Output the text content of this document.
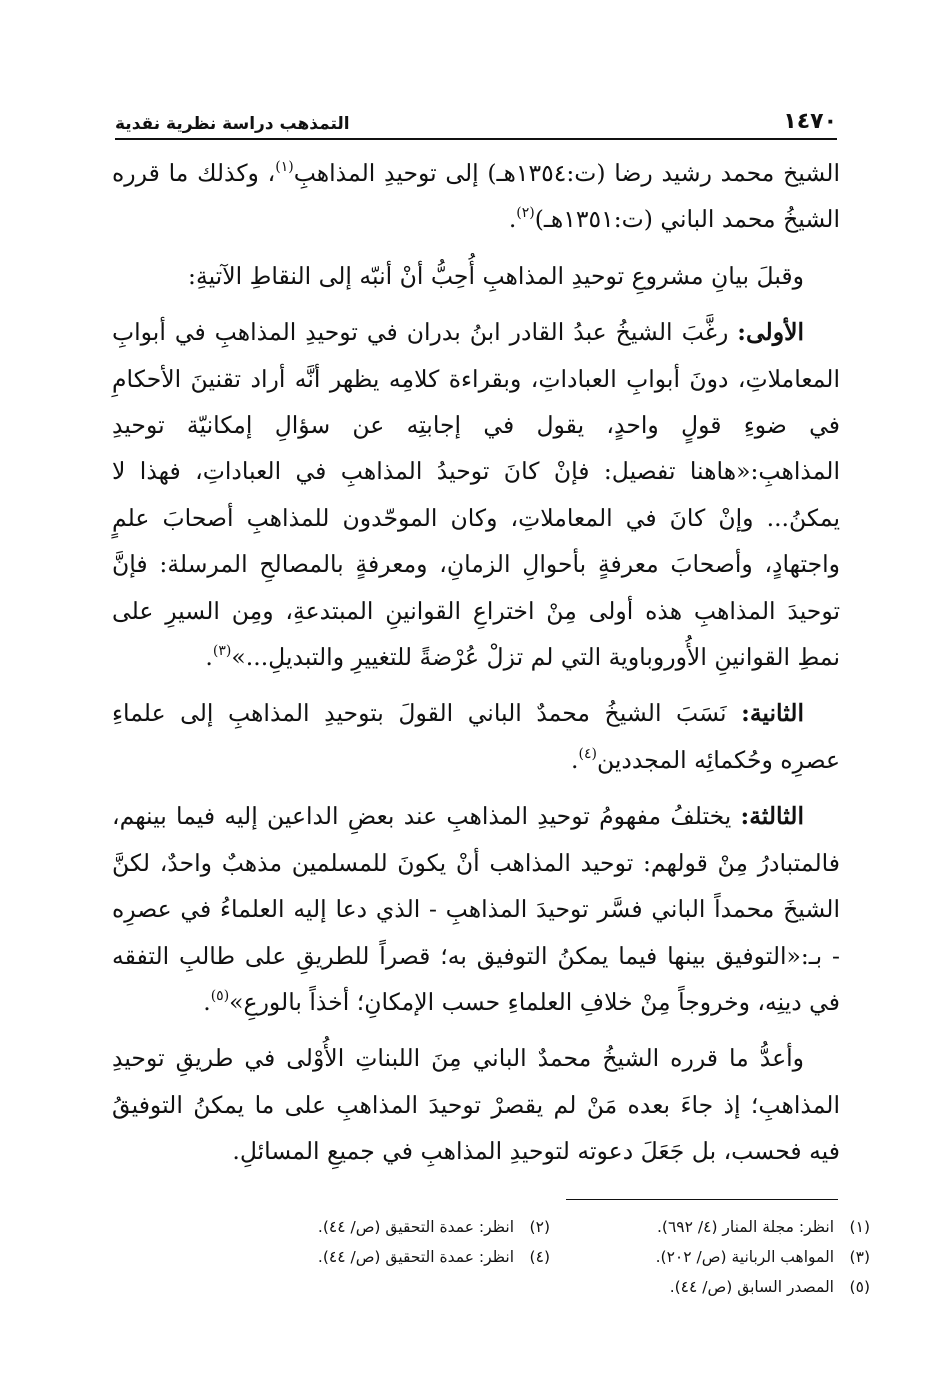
١٤٧٠
التمذهب دراسة نظرية نقدية

الشيخ محمد رشيد رضا (ت:١٣٥٤هـ) إلى توحيدِ المذاهبِ$^{(١)}$، وكذلك ما قرره الشيخُ محمد الباني (ت:١٣٥١هـ)$^{(٢)}$.

وقبلَ بيانِ مشروعِ توحيدِ المذاهبِ أُحِبُّ أنْ أنبّه إلى النقاطِ الآتيةِ:

الأولى: رغَّبَ الشيخُ عبدُ القادر ابنُ بدران في توحيدِ المذاهبِ في أبوابِ المعاملاتِ، دونَ أبوابِ العباداتِ، وبقراءة كلامِه يظهر أنَّه أراد تقنينَ الأحكامِ في ضوءِ قولٍ واحدٍ، يقول في إجابتِه عن سؤالِ إمكانيّة توحيدِ المذاهبِ:«هاهنا تفصيل: فإنْ كانَ توحيدُ المذاهبِ في العباداتِ، فهذا لا يمكنُ... وإنْ كانَ في المعاملاتِ، وكان الموحّدون للمذاهبِ أصحابَ علمٍ واجتهادٍ، وأصحابَ معرفةٍ بأحوالِ الزمانِ، ومعرفةٍ بالمصالحِ المرسلة: فإنَّ توحيدَ المذاهبِ هذه أولى مِنْ اختراعِ القوانينِ المبتدعةِ، ومِن السيرِ على نمطِ القوانينِ الأُوروباوية التي لم تزلْ عُرْضةً للتغييرِ والتبديلِ...»$^{(٣)}$.

الثانية: نَسَبَ الشيخُ محمدٌ الباني القولَ بتوحيدِ المذاهبِ إلى علماءِ عصرِه وحُكمائِه المجددين$^{(٤)}$.

الثالثة: يختلفُ مفهومُ توحيدِ المذاهبِ عند بعضِ الداعين إليه فيما بينهم، فالمتبادرُ مِنْ قولهم: توحيد المذاهب أنْ يكونَ للمسلمين مذهبٌ واحدٌ، لكنَّ الشيخَ محمداً الباني فسَّر توحيدَ المذاهبِ - الذي دعا إليه العلماءُ في عصرِه - بـ:«التوفيق بينها فيما يمكنُ التوفيق به؛ قصراً للطريقِ على طالبِ التفقه في دينِه، وخروجاً مِنْ خلافِ العلماءِ حسب الإمكانِ؛ أخذاً بالورعِ»$^{(٥)}$.

وأعدُّ ما قرره الشيخُ محمدٌ الباني مِنَ اللبناتِ الأُوْلى في طريقِ توحيدِ المذاهبِ؛ إذ جاءَ بعده مَنْ لم يقصرْ توحيدَ المذاهبِ على ما يمكنُ التوفيقُ فيه فحسب، بل جَعَلَ دعوته لتوحيدِ المذاهبِ في جميعِ المسائلِ.

(١)انظر: مجلة المنار (٤/ ٦٩٢).
(٢)انظر: عمدة التحقيق (ص/ ٤٤).
(٣)المواهب الربانية (ص/ ٢٠٢).
(٤)انظر: عمدة التحقيق (ص/ ٤٤).
(٥)المصدر السابق (ص/ ٤٤).
